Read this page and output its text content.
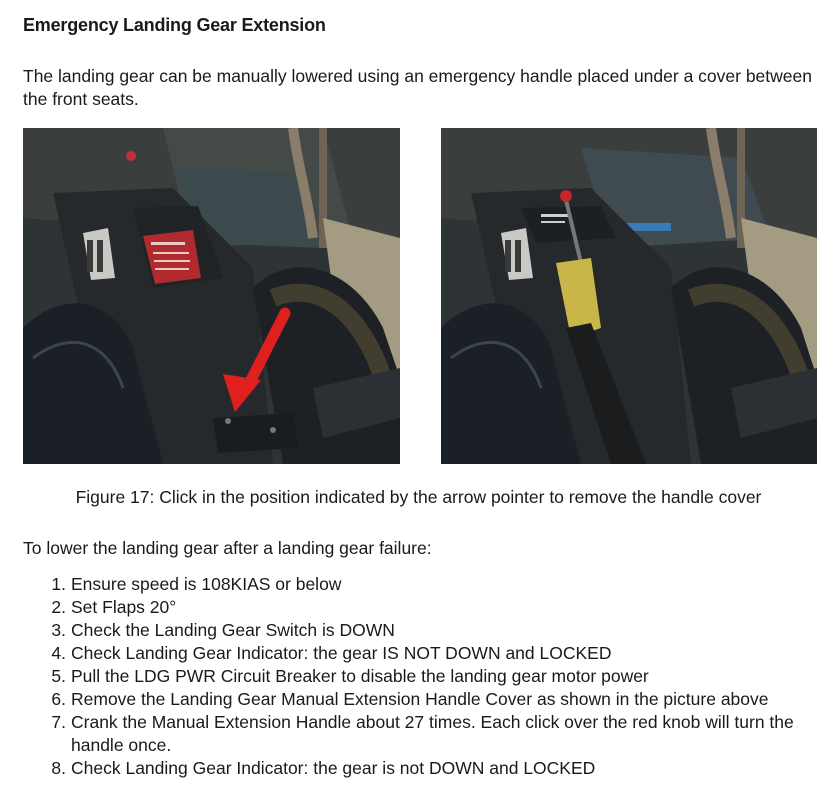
Emergency Landing Gear Extension
The landing gear can be manually lowered using an emergency handle placed under a cover between the front seats.
Figure 17: Click in the position indicated by the arrow pointer to remove the handle cover
To lower the landing gear after a landing gear failure:
1. Ensure speed is 108KIAS or below
2. Set Flaps 20°
3. Check the Landing Gear Switch is DOWN
4. Check Landing Gear Indicator: the gear IS NOT DOWN and LOCKED
5. Pull the LDG PWR Circuit Breaker to disable the landing gear motor power
6. Remove the Landing Gear Manual Extension Handle Cover as shown in the picture above
7. Crank the Manual Extension Handle about 27 times. Each click over the red knob will turn the handle once.
8. Check Landing Gear Indicator: the gear is not DOWN and LOCKED
